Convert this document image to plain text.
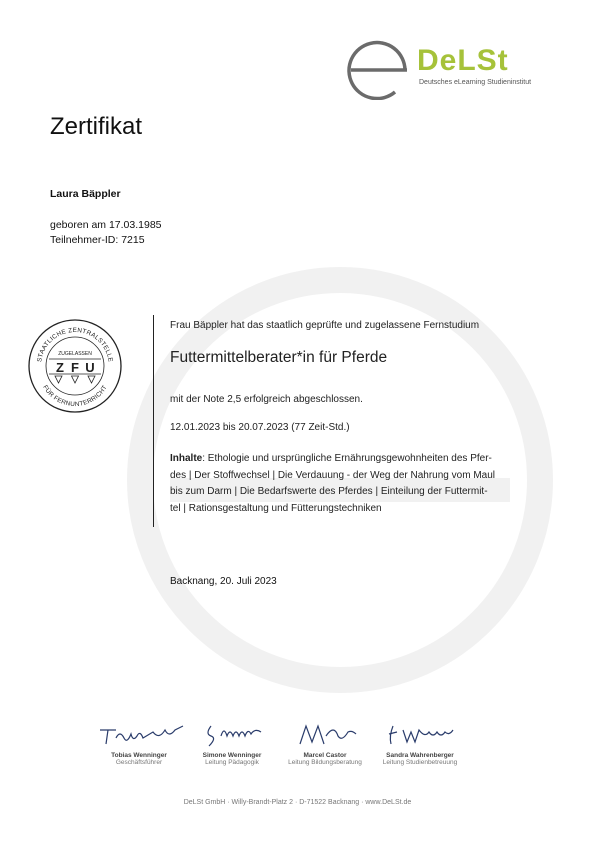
DeLSt
Deutsches eLearning Studieninstitut
Zertifikat
Laura Bäppler
geboren am 17.03.1985
Teilnehmer-ID: 7215
STAATLICHE ZENTRALSTELLE
FÜR FERNUNTERRICHT
ZUGELASSEN
Z F U
Frau Bäppler hat das staatlich geprüfte und zugelassene Fernstudium
Futtermittelberater*in für Pferde
mit der Note 2,5 erfolgreich abgeschlossen.
12.01.2023 bis 20.07.2023 (77 Zeit-Std.)
Inhalte: Ethologie und ursprüngliche Ernährungsgewohnheiten des Pfer-
des | Der Stoffwechsel | Die Verdauung - der Weg der Nahrung vom Maul
bis zum Darm | Die Bedarfswerte des Pferdes | Einteilung der Futtermit-
tel | Rationsgestaltung und Fütterungstechniken
Backnang, 20. Juli 2023
Tobias Wenninger
Geschäftsführer
Simone Wenninger
Leitung Pädagogik
Marcel Castor
Leitung Bildungsberatung
Sandra Wahrenberger
Leitung Studienbetreuung
DeLSt GmbH · Willy-Brandt-Platz 2 · D-71522 Backnang · www.DeLSt.de
